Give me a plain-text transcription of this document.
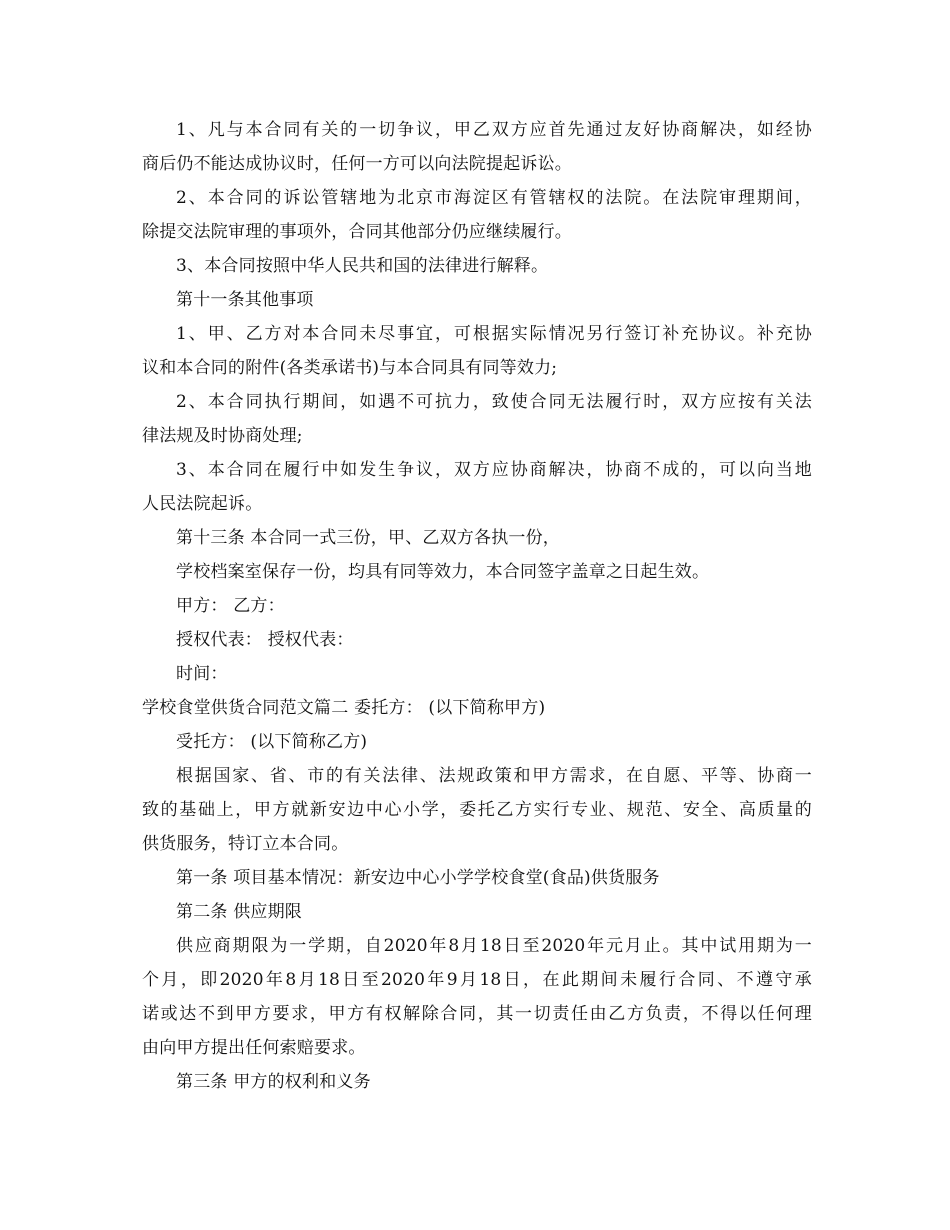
1、凡与本合同有关的一切争议，甲乙双方应首先通过友好协商解决，如经协
商后仍不能达成协议时，任何一方可以向法院提起诉讼。
2、本合同的诉讼管辖地为北京市海淀区有管辖权的法院。在法院审理期间，
除提交法院审理的事项外，合同其他部分仍应继续履行。
3、本合同按照中华人民共和国的法律进行解释。
第十一条其他事项
1、甲、乙方对本合同未尽事宜，可根据实际情况另行签订补充协议。补充协
议和本合同的附件(各类承诺书)与本合同具有同等效力;
2、本合同执行期间，如遇不可抗力，致使合同无法履行时，双方应按有关法
律法规及时协商处理;
3、本合同在履行中如发生争议，双方应协商解决，协商不成的，可以向当地
人民法院起诉。
第十三条 本合同一式三份，甲、乙双方各执一份，
学校档案室保存一份，均具有同等效力，本合同签字盖章之日起生效。
甲方： 乙方：
授权代表： 授权代表：
时间：
学校食堂供货合同范文篇二 委托方： (以下简称甲方)
受托方： (以下简称乙方)
根据国家、省、市的有关法律、法规政策和甲方需求，在自愿、平等、协商一
致的基础上，甲方就新安边中心小学，委托乙方实行专业、规范、安全、高质量的
供货服务，特订立本合同。
第一条 项目基本情况：新安边中心小学学校食堂(食品)供货服务
第二条 供应期限
供应商期限为一学期，自2020年8月18日至2020年元月止。其中试用期为一
个月，即2020年8月18日至2020年9月18日，在此期间未履行合同、不遵守承
诺或达不到甲方要求，甲方有权解除合同，其一切责任由乙方负责，不得以任何理
由向甲方提出任何索赔要求。
第三条 甲方的权利和义务
